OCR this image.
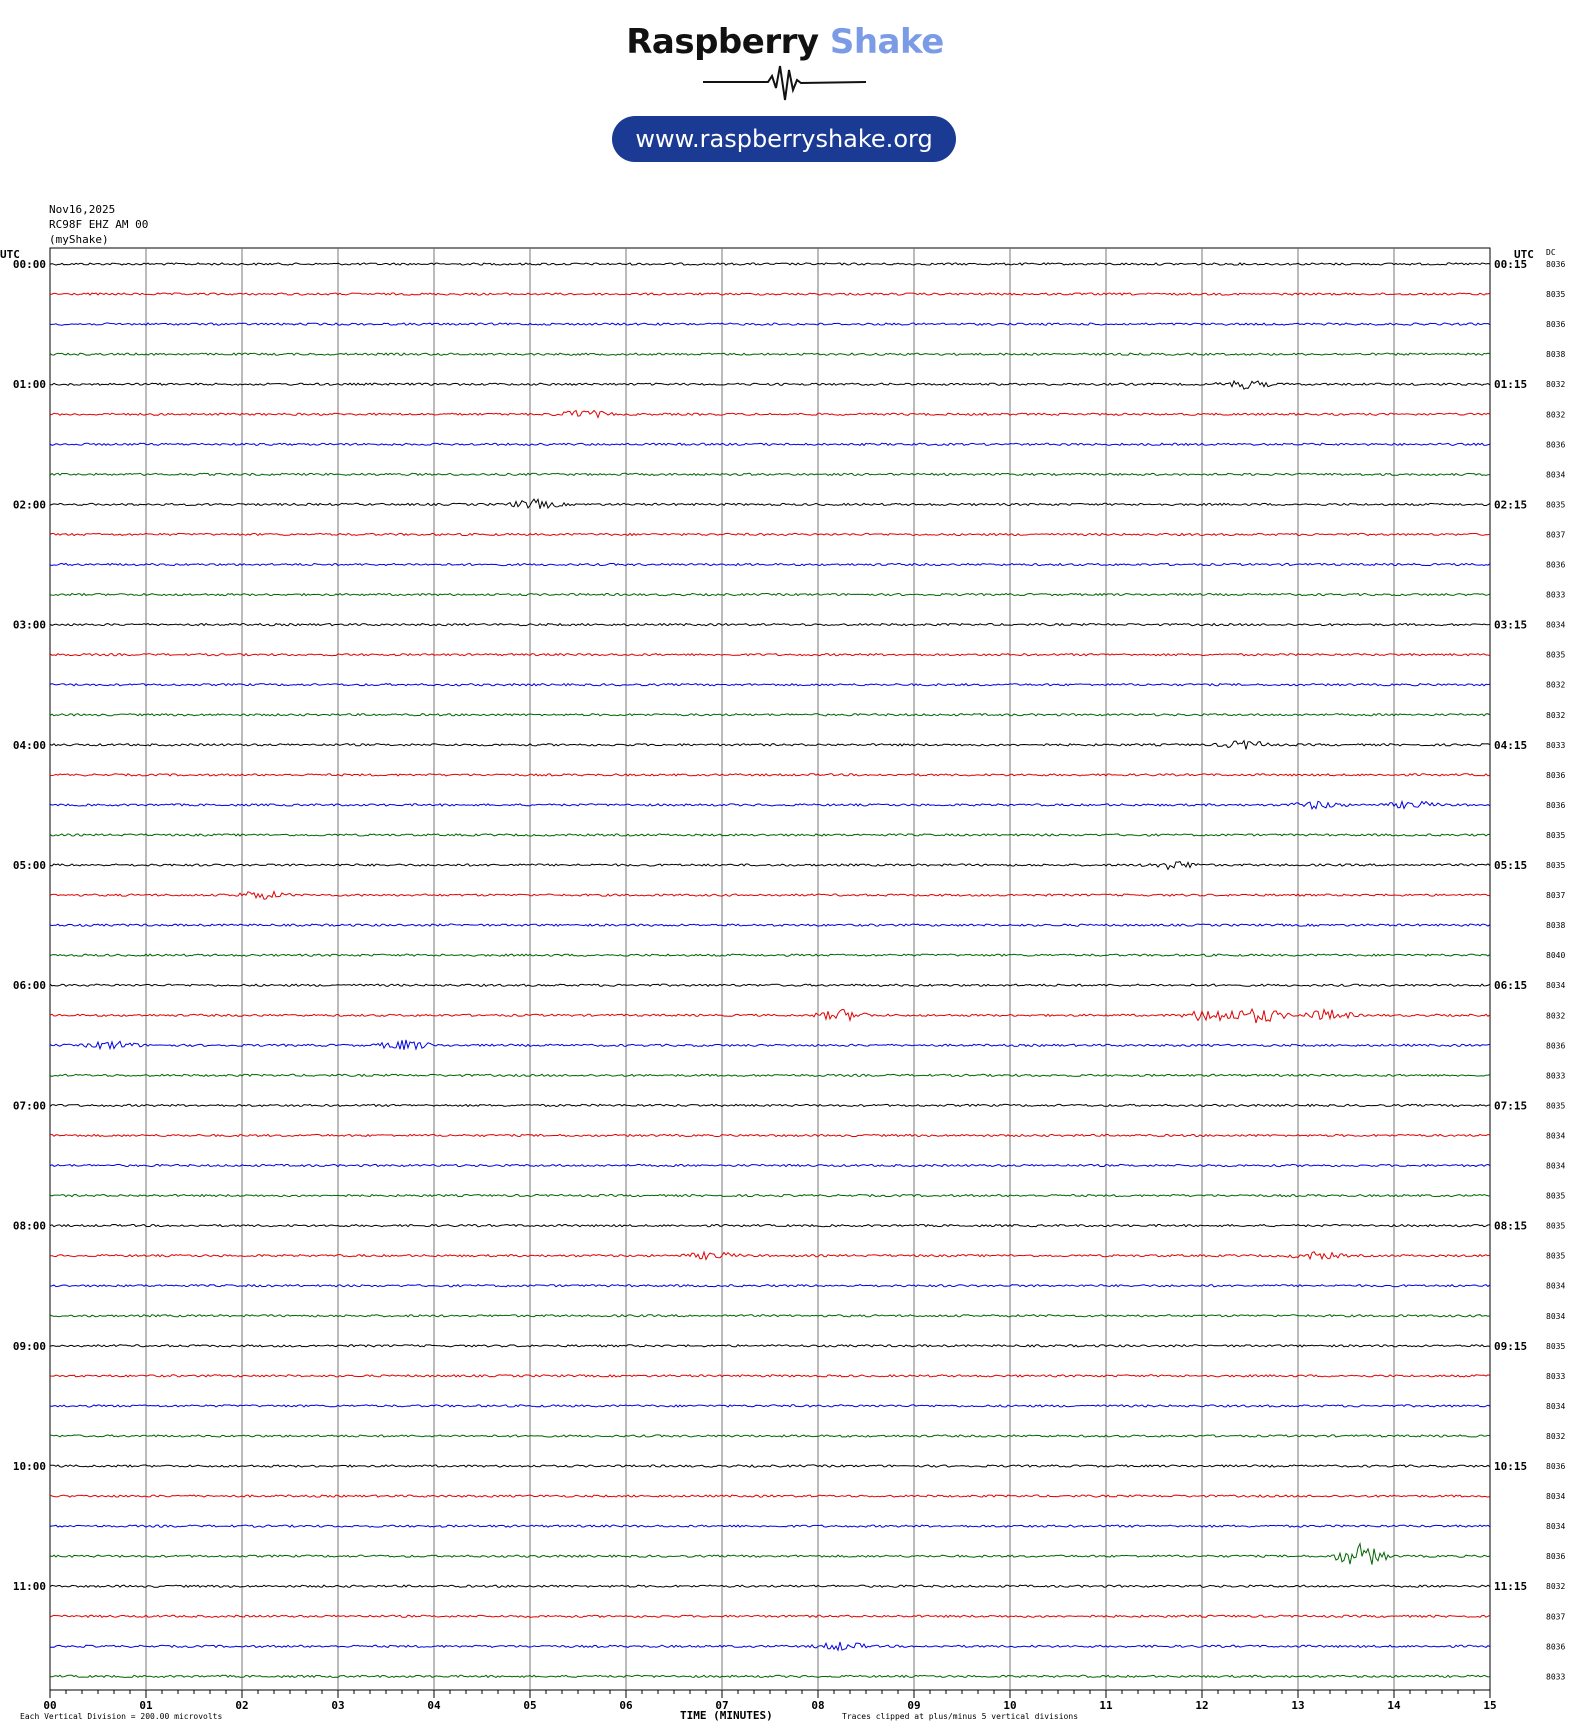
Raspberry Shake
www.raspberryshake.org
Nov16,2025
RC98F EHZ AM 00
(myShake)
00	01	02	03	04	05	06	07	08	09	10	11	12	13	14	15
UTC	UTC DC
8036
00:00	00:15
8035
8036
8038
8032
01:00	01:15
8032
8036
8034
8035
02:00	02:15
8037
8036
8033
8034
03:00	03:15
8035
8032
8032
8033
04:00	04:15
8036
8036
8035
8035
05:00	05:15
8037
8038
8040
8034
06:00	06:15
8032
8036
8033
8035
07:00	07:15
8034
8034
8035
8035
08:00	08:15
8035
8034
8034
8035
09:00	09:15
8033
8034
8032
8036
10:00	10:15
8034
8034
8036
8032
11:00	11:15
8037
8036
8033
TIME (MINUTES)
Each Vertical Division = 200.00 microvolts	Traces clipped at plus/minus 5 vertical divisions
